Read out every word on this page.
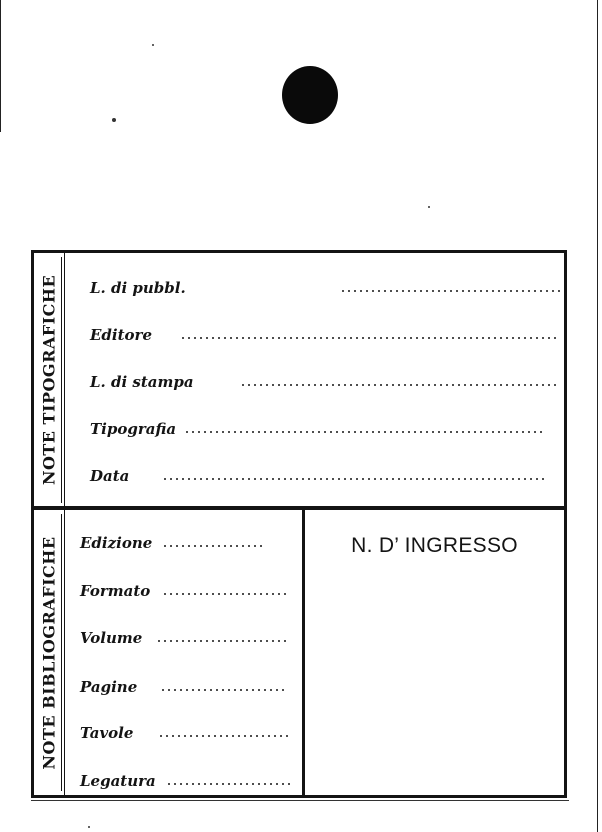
NOTE TIPOGRAFICHE L. di pubbl.
Editore
L. di stampa
Tipografia
Data
NOTE BIBLIOGRAFICHE Edizione
Formato
Volume
Pagine
Tavole
Legatura
N. D’ INGRESSO
